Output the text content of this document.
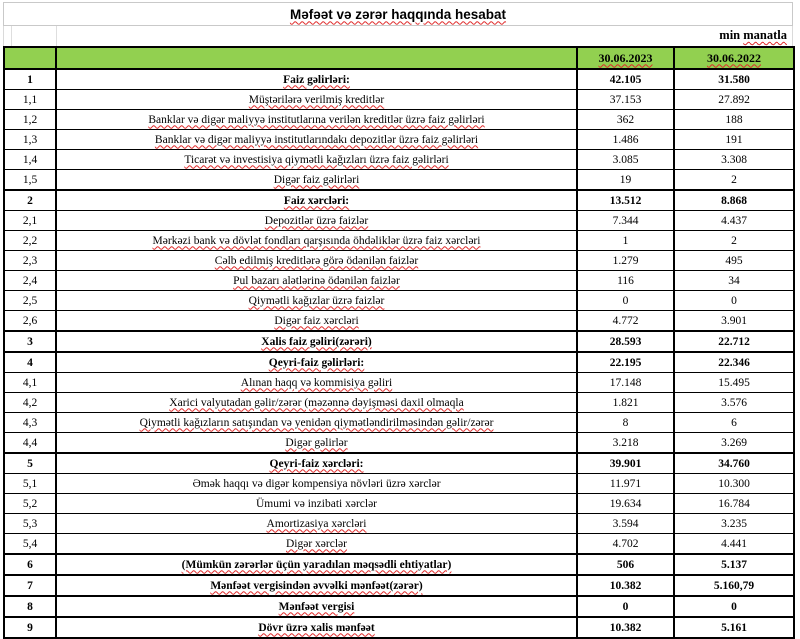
Məfəət və zərər haqqında hesabat
min manatla
		30.06.2023	30.06.2022
1	Faiz gəlirləri:	42.105	31.580
1,1	Müştərilərə verilmiş kreditlər	37.153	27.892
1,2	Banklar və digər maliyyə institutlarına verilən kreditlər üzrə faiz gəlirləri	362	188
1,3	Banklar və digər maliyyə institutlarındakı depozitlər üzrə faiz gəlirləri	1.486	191
1,4	Ticarət və investisiya qiymətli kağızları üzrə faiz gəlirləri	3.085	3.308
1,5	Digər faiz gəlirləri	19	2
2	Faiz xərcləri:	13.512	8.868
2,1	Depozitlər üzrə faizlər	7.344	4.437
2,2	Mərkəzi bank və dövlət fondları qarşısında öhdəliklər üzrə faiz xərcləri	1	2
2,3	Cəlb edilmiş kreditlərə görə ödənilən faizlər	1.279	495
2,4	Pul bazarı alətlərinə ödənilən faizlər	116	34
2,5	Qiymətli kağızlar üzrə faizlər	0	0
2,6	Digər faiz xərcləri	4.772	3.901
3	Xalis faiz gəliri(zərəri)	28.593	22.712
4	Qeyri-faiz gəlirləri:	22.195	22.346
4,1	Alınan haqq və kommisiya gəliri	17.148	15.495
4,2	Xarici valyutadan gəlir/zərər (məzənnə dəyişməsi daxil olmaqla	1.821	3.576
4,3	Qiymətli kağızların satışından və yenidən qiymətləndirilməsindən gəlir/zərər	8	6
4,4	Digər gəlirlər	3.218	3.269
5	Qeyri-faiz xərcləri:	39.901	34.760
5,1	Əmək haqqı və digər kompensiya növləri üzrə xərclər	11.971	10.300
5,2	Ümumi və inzibati xərclər	19.634	16.784
5,3	Amortizasiya xərcləri	3.594	3.235
5,4	Digər xərclər	4.702	4.441
6	(Mümkün zərərlər üçün yaradılan məqsədli ehtiyatlar)	506	5.137
7	Mənfəət vergisindən əvvəlki mənfəət(zərər)	10.382	5.160,79
8	Mənfəət vergisi	0	0
9	Dövr üzrə xalis mənfəət	10.382	5.161
